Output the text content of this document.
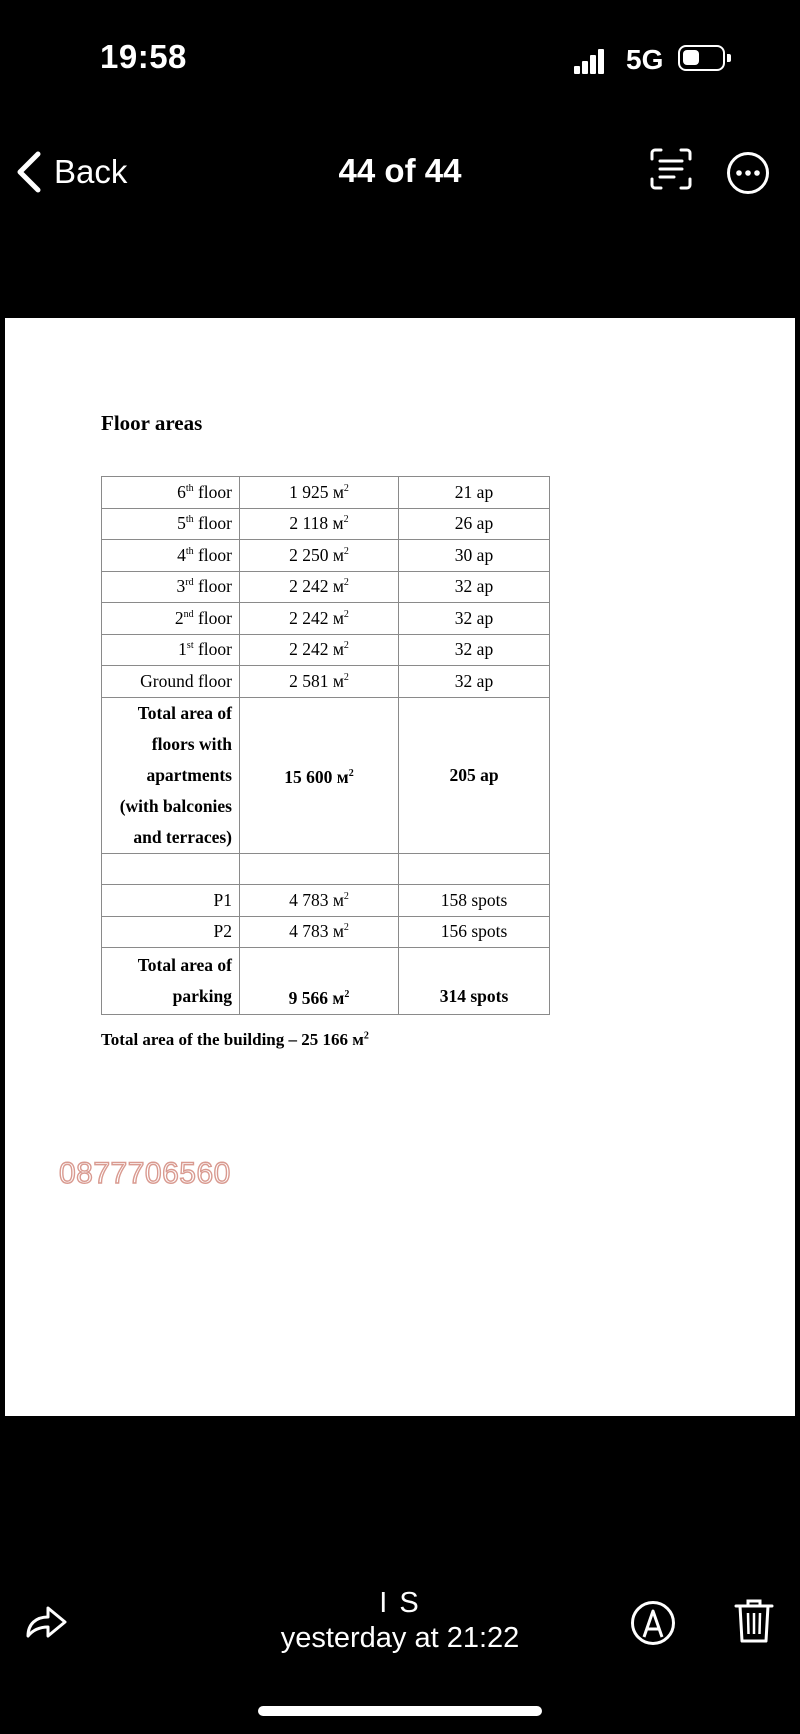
19:58	5G
Back	44 of 44
Floor areas
6th floor	1 925 $м^2$	21 ap
5th floor	2 118 $м^2$	26 ap
4th floor	2 250 $м^2$	30 ap
3rd floor	2 242 $м^2$	32 ap
2nd floor	2 242 $м^2$	32 ap
1st floor	2 242 $м^2$	32 ap
Ground floor	2 581 $м^2$	32 ap

Total area of
floors with
apartments
(with balconies
and terraces)	15 600 $м^2$	205 ap

P1	4 783 $м^2$	158 spots
P2	4 783 $м^2$	156 spots

Total area of
parking	9 566 $м^2$	314 spots
Total area of the building – 25 166 $м^2$
0877706560
I S
yesterday at 21:22
